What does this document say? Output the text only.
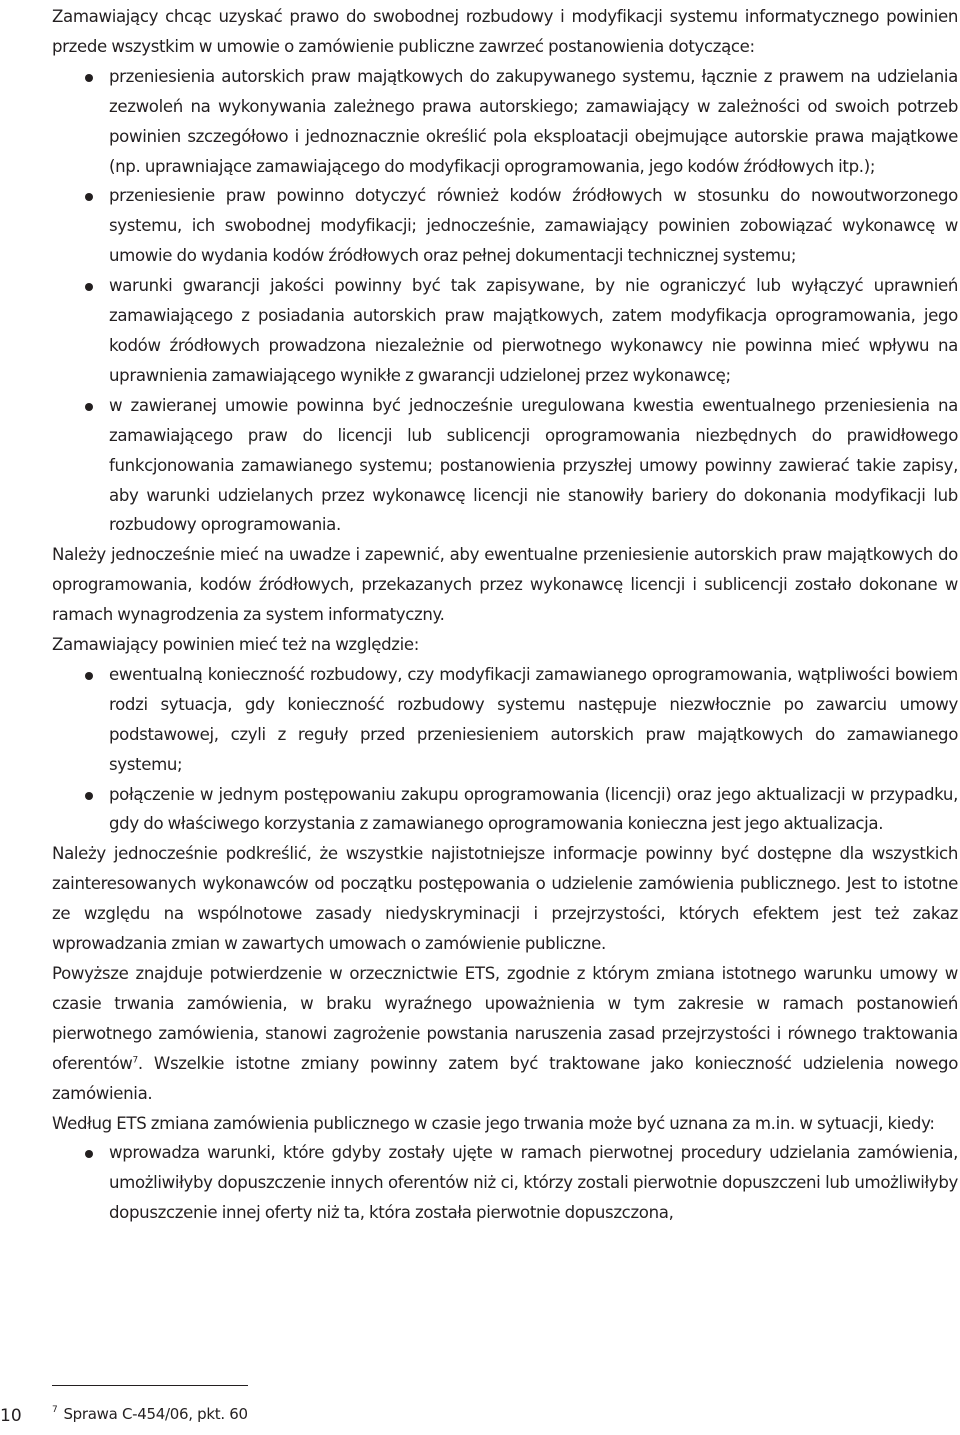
Zamawiający chcąc uzyskać prawo do swobodnej rozbudowy i modyfikacji systemu informatycznego powinien przede wszystkim w umowie o zamówienie publiczne zawrzeć postanowienia dotyczące:

przeniesienia autorskich praw majątkowych do zakupywanego systemu, łącznie z prawem na udzielania zezwoleń na wykonywania zależnego prawa autorskiego; zamawiający w zależności od swoich potrzeb powinien szczegółowo i jednoznacznie określić pola eksploatacji obejmujące autorskie prawa majątkowe (np. uprawniające zamawiającego do modyfikacji oprogramowania, jego kodów źródłowych itp.);
przeniesienie praw powinno dotyczyć również kodów źródłowych w stosunku do nowoutworzonego systemu, ich swobodnej modyfikacji; jednocześnie, zamawiający powinien zobowiązać wykonawcę w umowie do wydania kodów źródłowych oraz pełnej dokumentacji technicznej systemu;
warunki gwarancji jakości powinny być tak zapisywane, by nie ograniczyć lub wyłączyć uprawnień zamawiającego z posiadania autorskich praw majątkowych, zatem modyfikacja oprogramowania, jego kodów źródłowych prowadzona niezależnie od pierwotnego wykonawcy nie powinna mieć wpływu na uprawnienia zamawiającego wynikłe z gwarancji udzielonej przez wykonawcę;
w zawieranej umowie powinna być jednocześnie uregulowana kwestia ewentualnego przeniesienia na zamawiającego praw do licencji lub sublicencji oprogramowania niezbędnych do prawidłowego funkcjonowania zamawianego systemu; postanowienia przyszłej umowy powinny zawierać takie zapisy, aby warunki udzielanych przez wykonawcę licencji nie stanowiły bariery do dokonania modyfikacji lub rozbudowy oprogramowania.

Należy jednocześnie mieć na uwadze i zapewnić, aby ewentualne przeniesienie autorskich praw majątkowych do oprogramowania, kodów źródłowych, przekazanych przez wykonawcę licencji i sublicencji zostało dokonane w ramach wynagrodzenia za system informatyczny.

Zamawiający powinien mieć też na względzie:

ewentualną konieczność rozbudowy, czy modyfikacji zamawianego oprogramowania, wątpliwości bowiem rodzi sytuacja, gdy konieczność rozbudowy systemu następuje niezwłocznie po zawarciu umowy podstawowej, czyli z reguły przed przeniesieniem autorskich praw majątkowych do zamawianego systemu;
połączenie w jednym postępowaniu zakupu oprogramowania (licencji) oraz jego aktualizacji w przypadku, gdy do właściwego korzystania z zamawianego oprogramowania konieczna jest jego aktualizacja.

Należy jednocześnie podkreślić, że wszystkie najistotniejsze informacje powinny być dostępne dla wszystkich zainteresowanych wykonawców od początku postępowania o udzielenie zamówienia publicznego. Jest to istotne ze względu na wspólnotowe zasady niedyskryminacji i przejrzystości, których efektem jest też zakaz wprowadzania zmian w zawartych umowach o zamówienie publiczne.

Powyższe znajduje potwierdzenie w orzecznictwie ETS, zgodnie z którym zmiana istotnego warunku umowy w czasie trwania zamówienia, w braku wyraźnego upoważnienia w tym zakresie w ramach postanowień pierwotnego zamówienia, stanowi zagrożenie powstania naruszenia zasad przejrzystości i równego traktowania oferentów$^7$. Wszelkie istotne zmiany powinny zatem być traktowane jako konieczność udzielenia nowego zamówienia.

Według ETS zmiana zamówienia publicznego w czasie jego trwania może być uznana za m.in. w sytuacji, kiedy:

wprowadza warunki, które gdyby zostały ujęte w ramach pierwotnej procedury udzielania zamówienia, umożliwiłyby dopuszczenie innych oferentów niż ci, którzy zostali pierwotnie dopuszczeni lub umożliwiłyby dopuszczenie innej oferty niż ta, która została pierwotnie dopuszczona,
7 Sprawa C-454/06, pkt. 60
10
